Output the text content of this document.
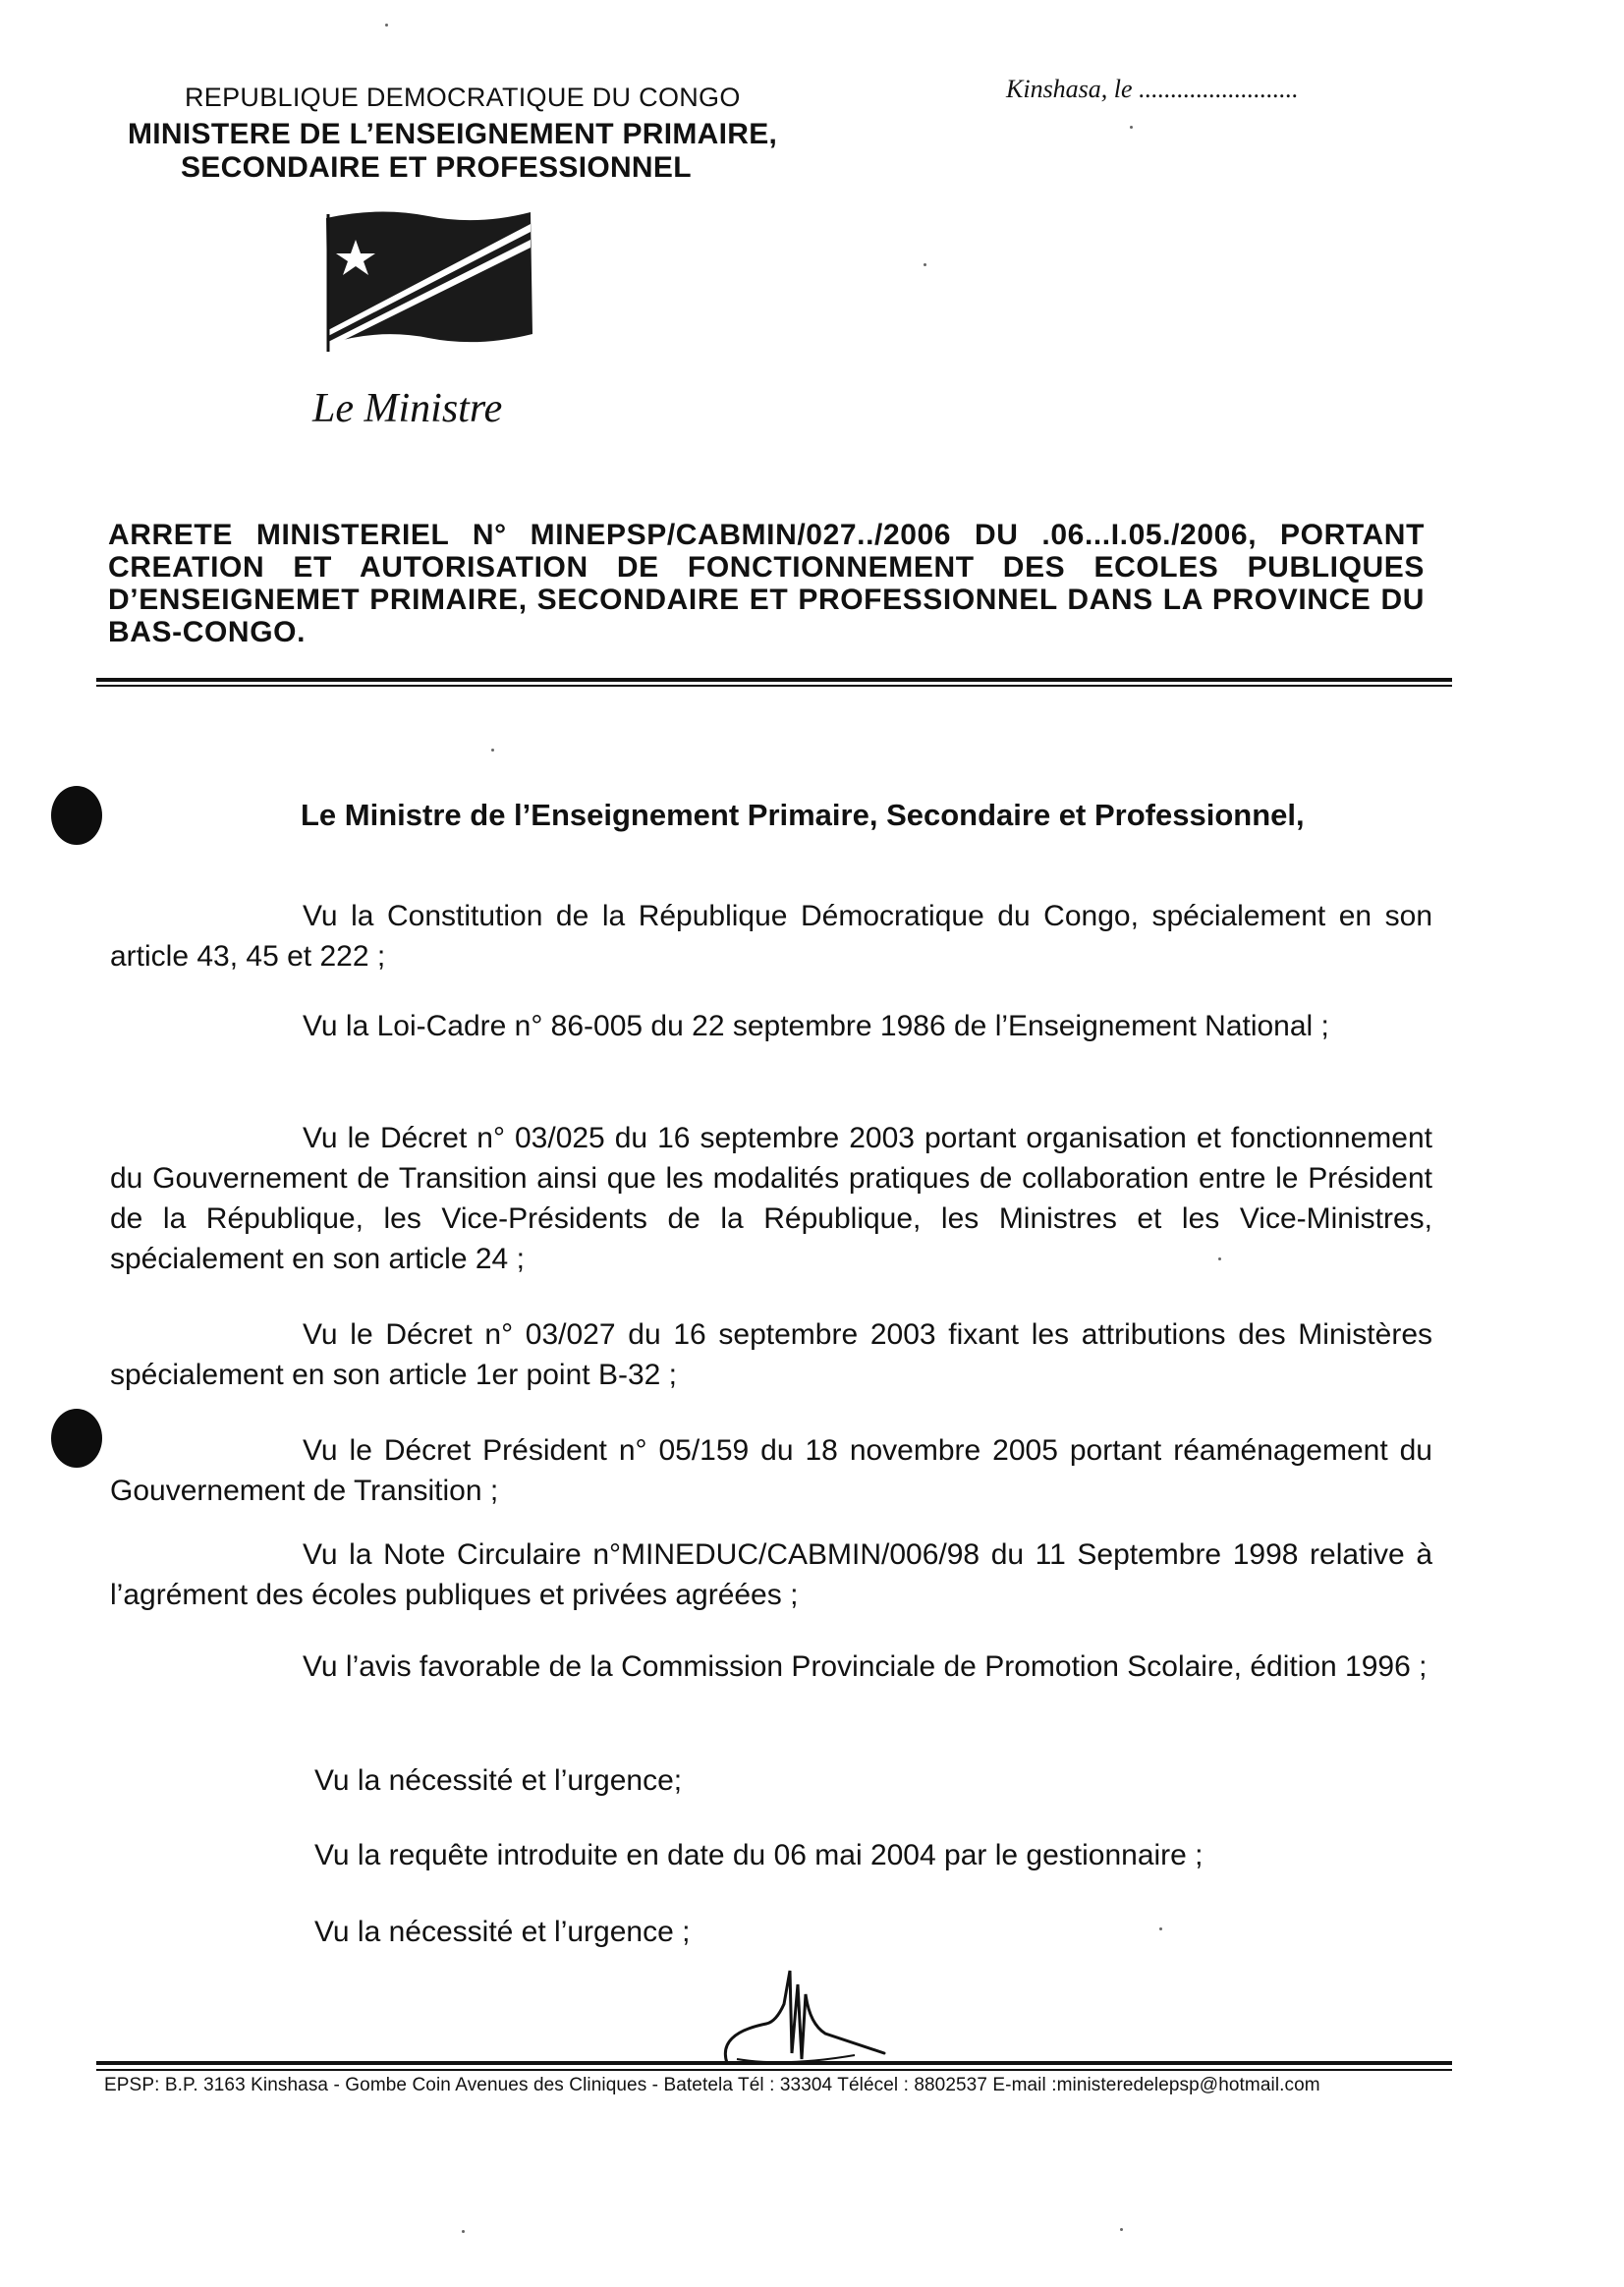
REPUBLIQUE DEMOCRATIQUE DU CONGO
MINISTERE DE L’ENSEIGNEMENT PRIMAIRE,
SECONDAIRE ET PROFESSIONNEL
Kinshasa, le .........................
Le Ministre
ARRETE MINISTERIEL N° MINEPSP/CABMIN/027../2006 DU .06...I.05./2006, PORTANT CREATION ET AUTORISATION DE FONCTIONNEMENT DES ECOLES PUBLIQUES D’ENSEIGNEMET PRIMAIRE, SECONDAIRE ET PROFESSIONNEL DANS LA PROVINCE DU BAS-CONGO.
Le Ministre de l’Enseignement Primaire, Secondaire et Professionnel,
Vu la Constitution de la République Démocratique du Congo, spécialement en son article 43, 45 et 222 ;
Vu la Loi-Cadre n° 86-005 du 22 septembre 1986 de l’Enseignement National ;
Vu le Décret n° 03/025 du 16 septembre 2003 portant organisation et fonctionnement du Gouvernement de Transition ainsi que les modalités pratiques de collaboration entre le Président de la République, les Vice-Présidents de la République, les Ministres et les Vice-Ministres, spécialement en son article 24 ;
Vu le Décret n° 03/027 du 16 septembre 2003 fixant les attributions des Ministères spécialement en son article 1er point B-32 ;
Vu le Décret Président n° 05/159 du 18 novembre 2005 portant réaménagement du Gouvernement de Transition ;
Vu la Note Circulaire n°MINEDUC/CABMIN/006/98 du 11 Septembre 1998 relative à l’agrément des écoles publiques et privées agréées ;
Vu l’avis favorable de la Commission Provinciale de Promotion Scolaire, édition 1996 ;
Vu la nécessité et l’urgence;
Vu la requête introduite en date du 06 mai 2004 par le gestionnaire ;
Vu la nécessité et l’urgence ;
EPSP: B.P. 3163 Kinshasa - Gombe Coin Avenues des Cliniques - Batetela Tél : 33304 Télécel : 8802537 E-mail :ministeredelepsp@hotmail.com
